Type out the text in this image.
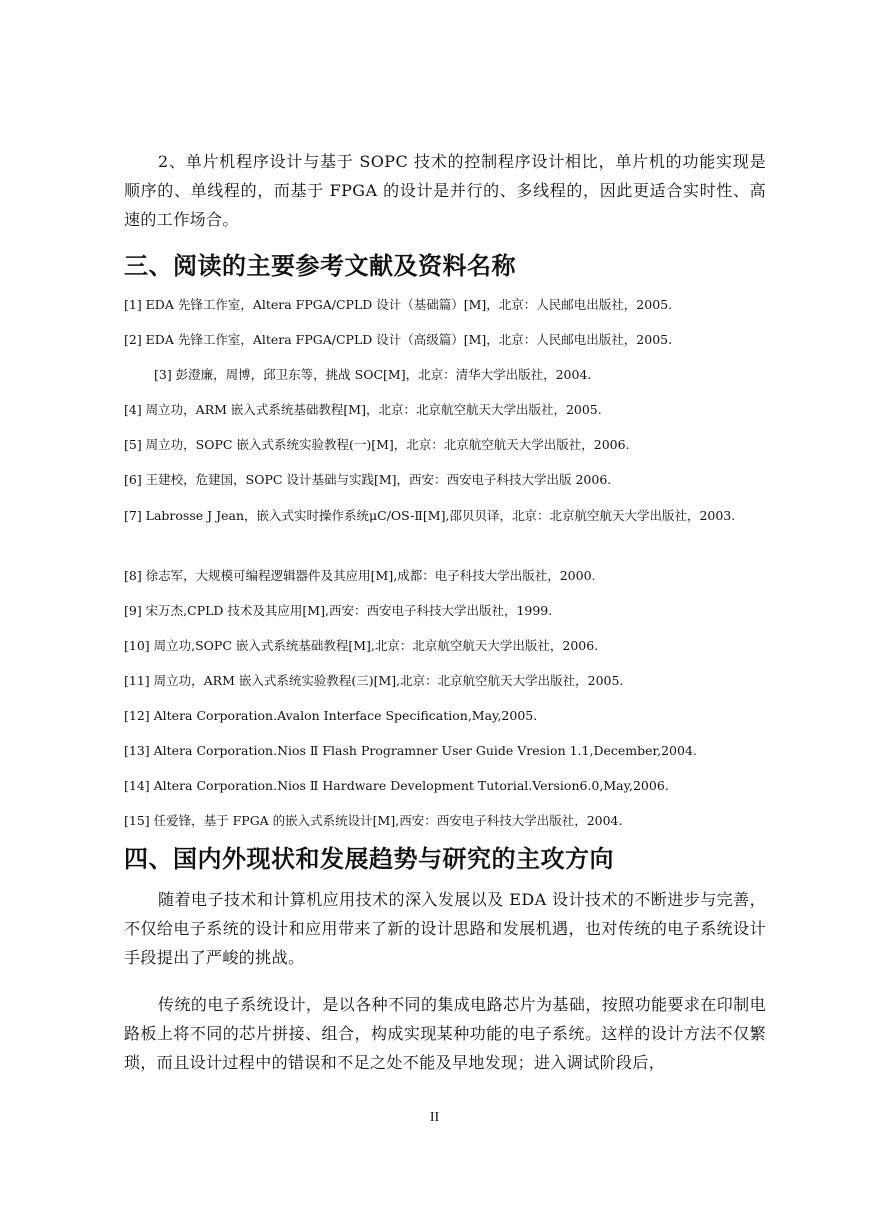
2、单片机程序设计与基于 SOPC 技术的控制程序设计相比，单片机的功能实现是顺序的、单线程的，而基于 FPGA 的设计是并行的、多线程的，因此更适合实时性、高速的工作场合。

三、阅读的主要参考文献及资料名称

[1] EDA 先锋工作室，Altera FPGA/CPLD 设计（基础篇）[M]，北京：人民邮电出版社，2005.

[2] EDA 先锋工作室，Altera FPGA/CPLD 设计（高级篇）[M]，北京：人民邮电出版社，2005.

[3] 彭澄廉，周博，邱卫东等，挑战 SOC[M]，北京：清华大学出版社，2004.

[4] 周立功，ARM 嵌入式系统基础教程[M]，北京：北京航空航天大学出版社，2005.

[5] 周立功，SOPC 嵌入式系统实验教程(一)[M]，北京：北京航空航天大学出版社，2006.

[6] 王建校，危建国，SOPC 设计基础与实践[M]，西安：西安电子科技大学出版 2006.

[7] Labrosse J Jean，嵌入式实时操作系统μC/OS-Ⅱ[M],邵贝贝译，北京：北京航空航天大学出版社，2003.

[8] 徐志军，大规模可编程逻辑器件及其应用[M],成都：电子科技大学出版社，2000.

[9] 宋万杰,CPLD 技术及其应用[M],西安：西安电子科技大学出版社，1999.

[10] 周立功,SOPC 嵌入式系统基础教程[M],北京：北京航空航天大学出版社，2006.

[11] 周立功，ARM 嵌入式系统实验教程(三)[M],北京：北京航空航天大学出版社，2005.

[12] Altera Corporation.Avalon Interface Specification,May,2005.

[13] Altera Corporation.Nios Ⅱ Flash Programner User Guide Vresion 1.1,December,2004.

[14] Altera Corporation.Nios Ⅱ Hardware Development Tutorial.Version6.0,May,2006.

[15] 任爱锋，基于 FPGA 的嵌入式系统设计[M],西安：西安电子科技大学出版社，2004.

四、国内外现状和发展趋势与研究的主攻方向

随着电子技术和计算机应用技术的深入发展以及 EDA 设计技术的不断进步与完善，不仅给电子系统的设计和应用带来了新的设计思路和发展机遇，也对传统的电子系统设计手段提出了严峻的挑战。

传统的电子系统设计，是以各种不同的集成电路芯片为基础，按照功能要求在印制电路板上将不同的芯片拼接、组合，构成实现某种功能的电子系统。这样的设计方法不仅繁琐，而且设计过程中的错误和不足之处不能及早地发现；进入调试阶段后，

II
